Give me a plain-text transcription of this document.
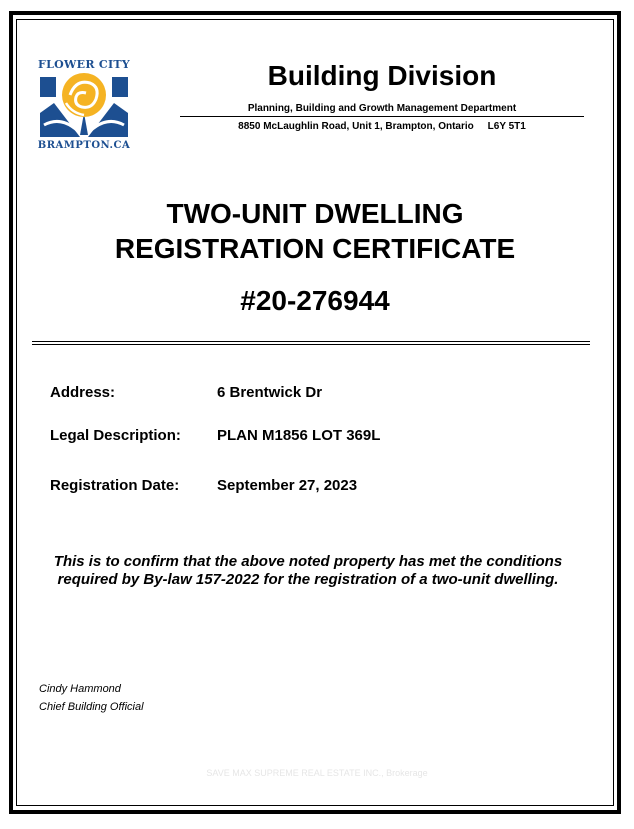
FLOWER CITY
BRAMPTON.CA
Building Division
Planning, Building and Growth Management Department
8850 McLaughlin Road, Unit 1, Brampton, Ontario     L6Y 5T1
TWO-UNIT DWELLING
REGISTRATION CERTIFICATE
#20-276944
Address:	6 Brentwick Dr
Legal Description: PLAN M1856 LOT 369L
Registration Date:	September 27, 2023
This is to confirm that the above noted property has met the conditions
required by By-law 157-2022 for the registration of a two-unit dwelling.
Cindy Hammond
Chief Building Official
SAVE MAX SUPREME REAL ESTATE INC., Brokerage
